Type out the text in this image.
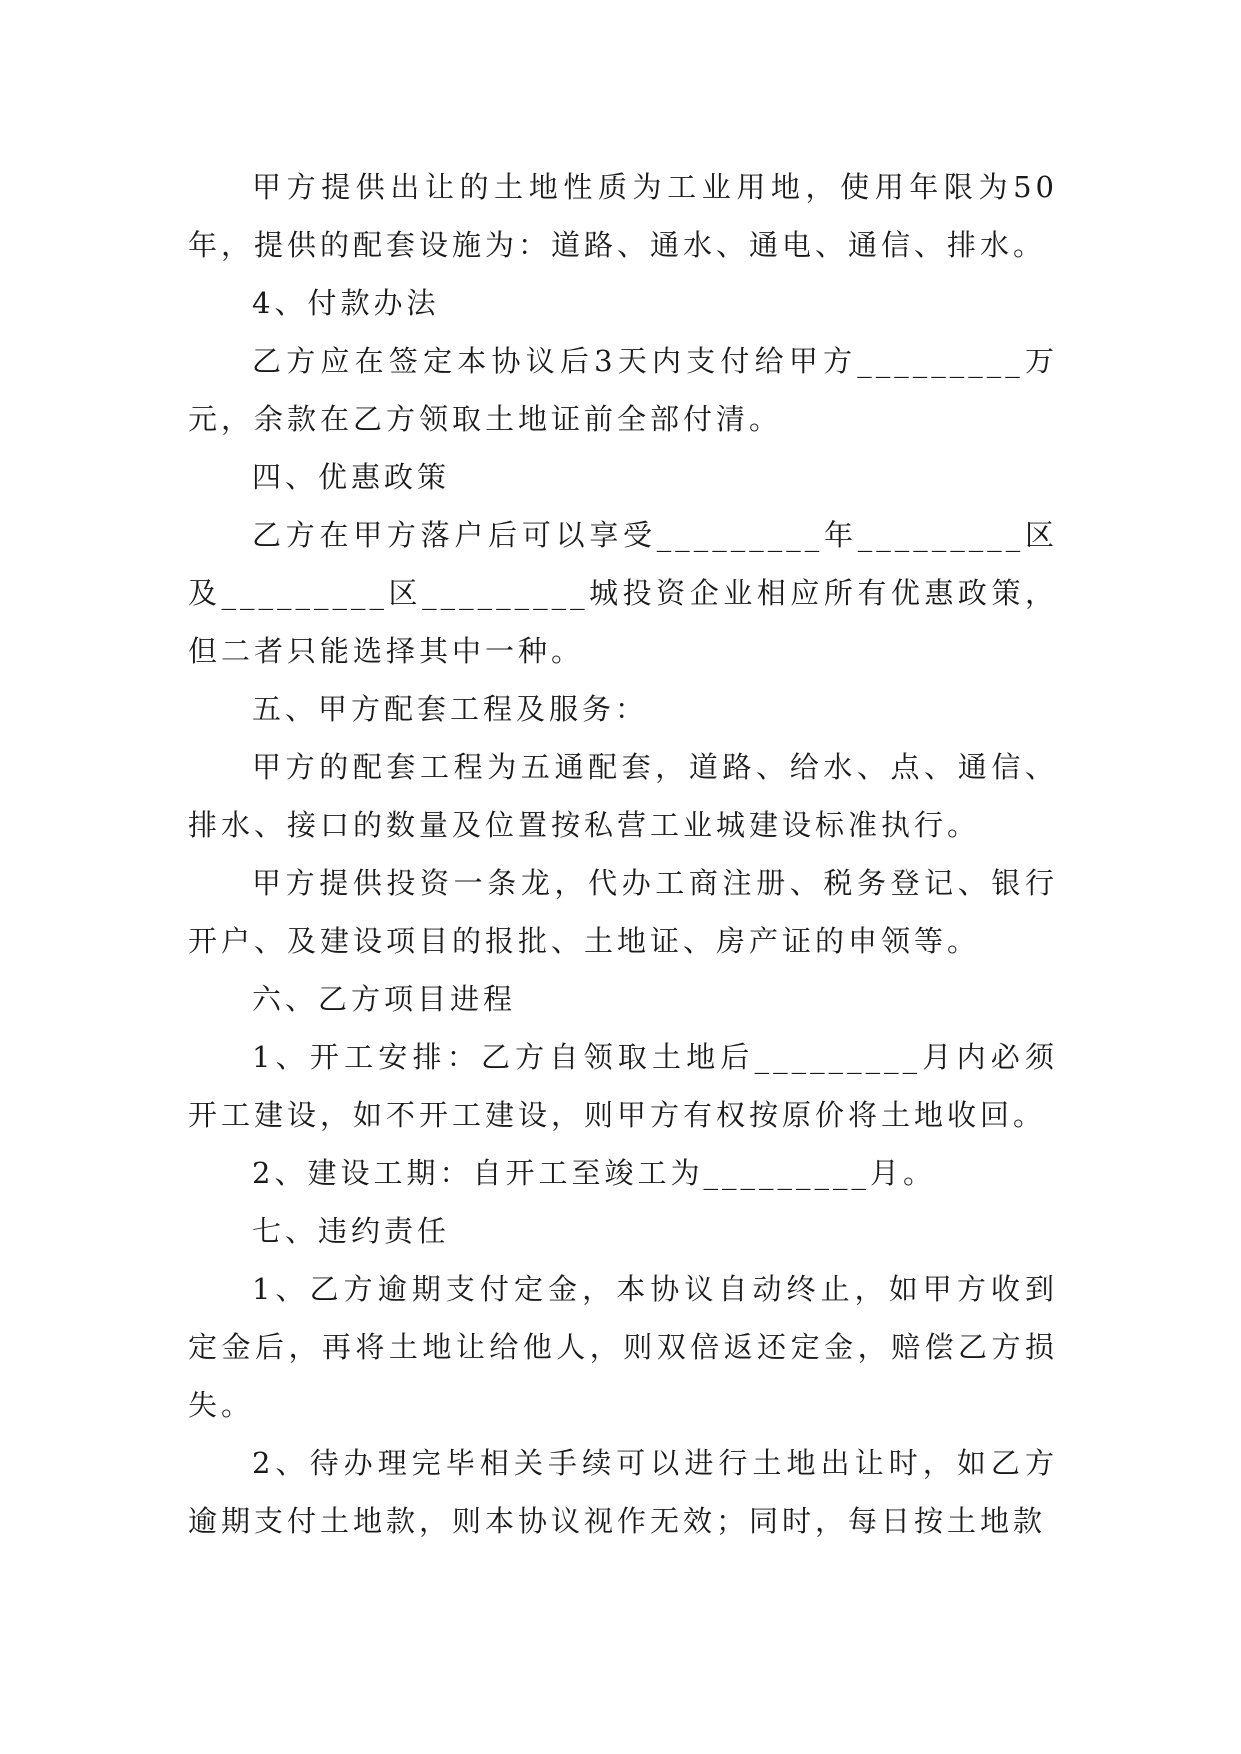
甲方提供出让的土地性质为工业用地，使用年限为50年，提供的配套设施为：道路、通水、通电、通信、排水。

4、付款办法

乙方应在签定本协议后3天内支付给甲方_________万元，余款在乙方领取土地证前全部付清。

四、优惠政策

乙方在甲方落户后可以享受_________年_________区及_________区_________城投资企业相应所有优惠政策，但二者只能选择其中一种。

五、甲方配套工程及服务：

甲方的配套工程为五通配套，道路、给水、点、通信、排水、接口的数量及位置按私营工业城建设标准执行。

甲方提供投资一条龙，代办工商注册、税务登记、银行开户、及建设项目的报批、土地证、房产证的申领等。

六、乙方项目进程

1、开工安排：乙方自领取土地后_________月内必须开工建设，如不开工建设，则甲方有权按原价将土地收回。

2、建设工期：自开工至竣工为_________月。

七、违约责任

1、乙方逾期支付定金，本协议自动终止，如甲方收到定金后，再将土地让给他人，则双倍返还定金，赔偿乙方损失。

2、待办理完毕相关手续可以进行土地出让时，如乙方逾期支付土地款，则本协议视作无效；同时，每日按土地款
